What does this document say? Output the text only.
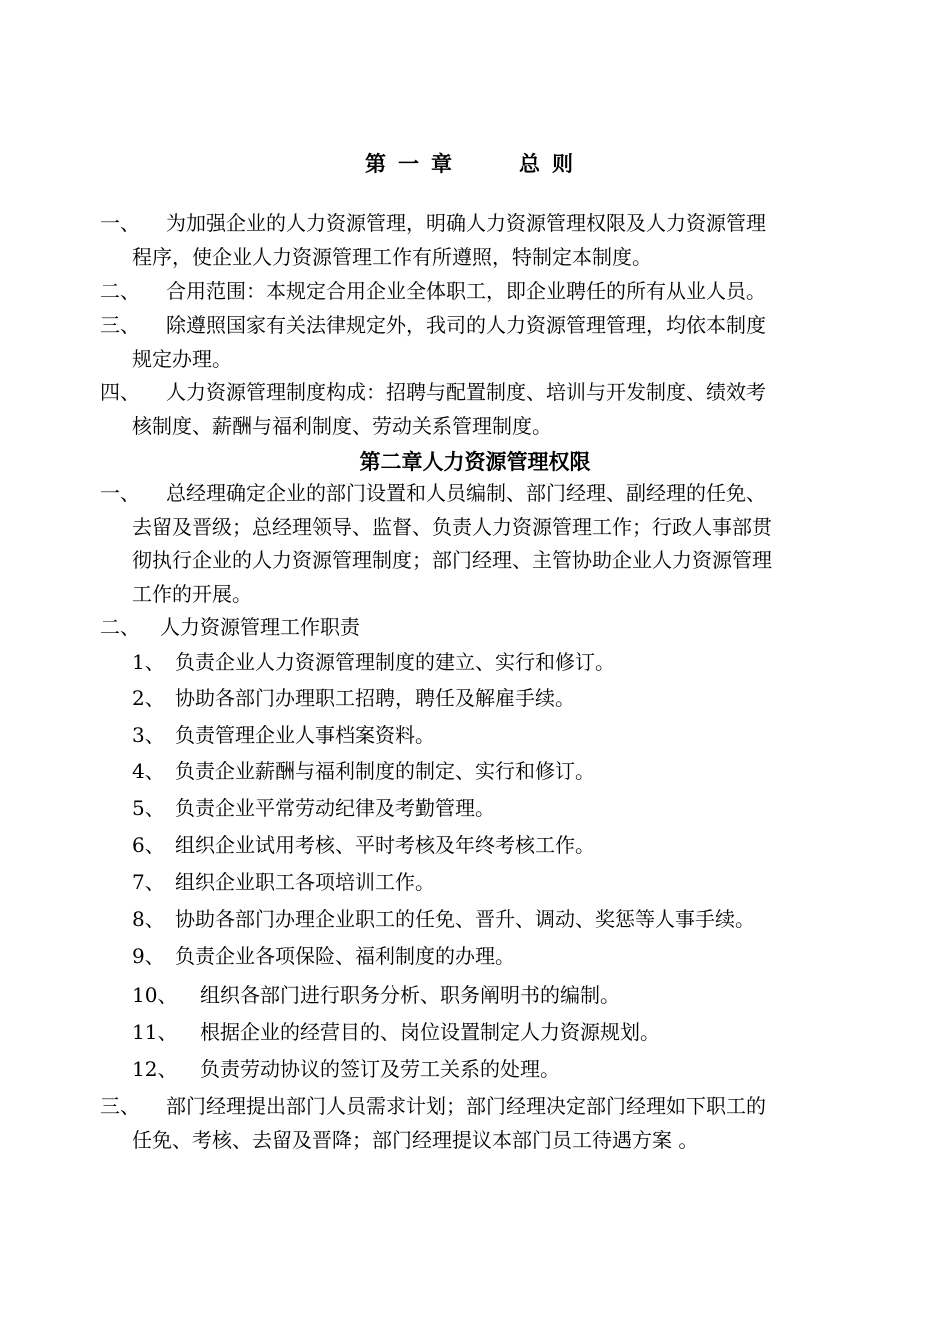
第一章	总则
一、	为加强企业的人力资源管理，明确人力资源管理权限及人力资源管理
程序，使企业人力资源管理工作有所遵照，特制定本制度。
二、	合用范围：本规定合用企业全体职工，即企业聘任的所有从业人员。
三、	除遵照国家有关法律规定外，我司的人力资源管理管理，均依本制度
规定办理。
四、	人力资源管理制度构成：招聘与配置制度、培训与开发制度、绩效考
核制度、薪酬与福利制度、劳动关系管理制度。
第二章人力资源管理权限
一、	总经理确定企业的部门设置和人员编制、部门经理、副经理的任免、
去留及晋级；总经理领导、监督、负责人力资源管理工作；行政人事部贯
彻执行企业的人力资源管理制度；部门经理、主管协助企业人力资源管理
工作的开展。
二、	人力资源管理工作职责
1、 负责企业人力资源管理制度的建立、实行和修订。
2、 协助各部门办理职工招聘，聘任及解雇手续。
3、 负责管理企业人事档案资料。
4、 负责企业薪酬与福利制度的制定、实行和修订。
5、 负责企业平常劳动纪律及考勤管理。
6、 组织企业试用考核、平时考核及年终考核工作。
7、 组织企业职工各项培训工作。
8、 协助各部门办理企业职工的任免、晋升、调动、奖惩等人事手续。
9、 负责企业各项保险、福利制度的办理。
10、 组织各部门进行职务分析、职务阐明书的编制。
11、 根据企业的经营目的、岗位设置制定人力资源规划。
12、 负责劳动协议的签订及劳工关系的处理。
三、	部门经理提出部门人员需求计划；部门经理决定部门经理如下职工的
任免、考核、去留及晋降；部门经理提议本部门员工待遇方案 。
